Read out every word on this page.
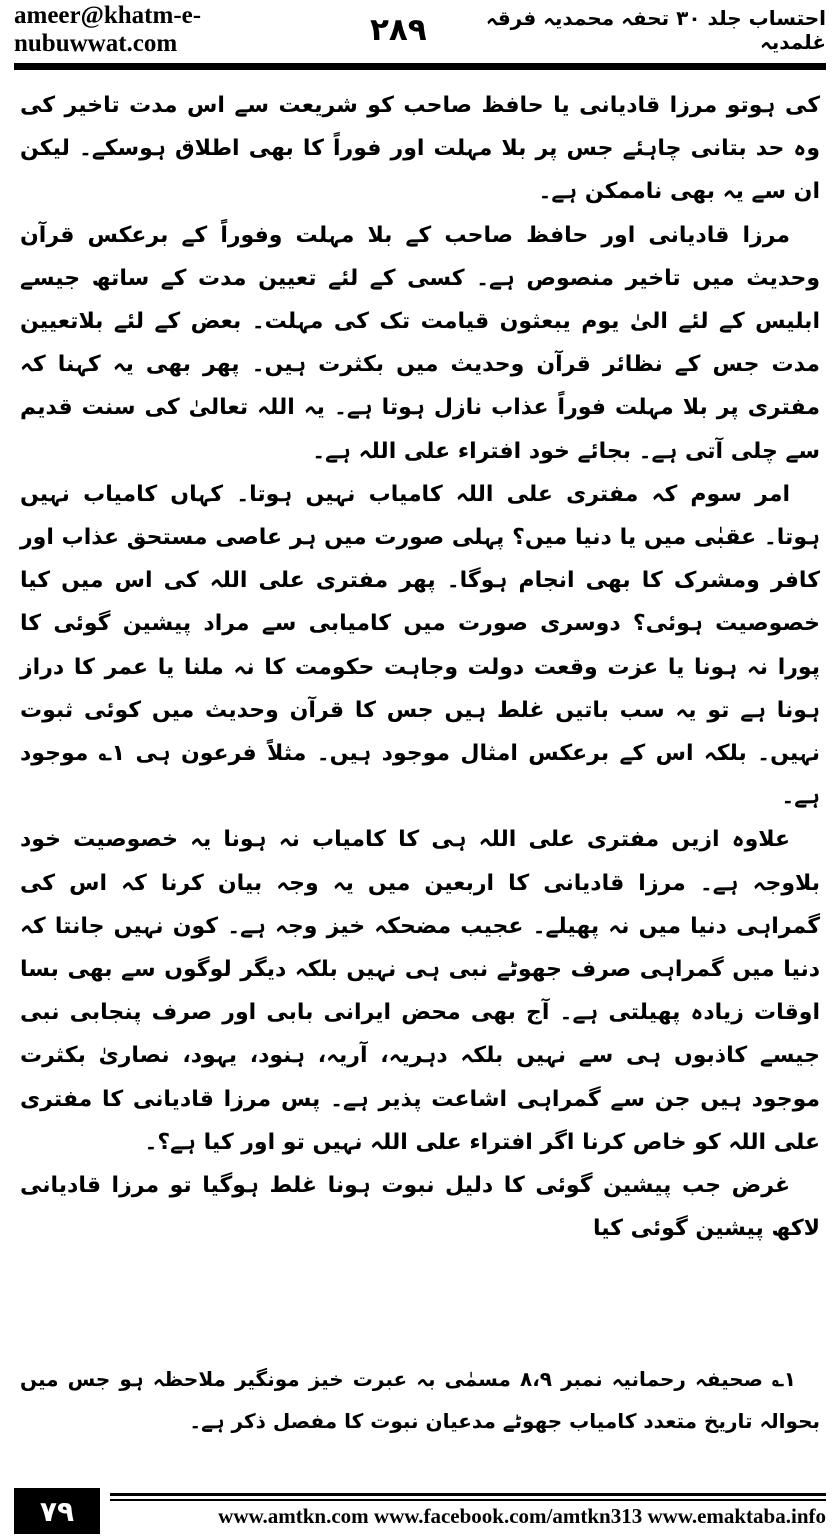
ameer@khatm-e-nubuwwat.com	۲۸۹	احتساب جلد ۳۰ تحفہ محمدیہ فرقہ غلمدیہ

کی ہوتو مرزا قادیانی یا حافظ صاحب کو شریعت سے اس مدت تاخیر کی وہ حد بتانی چاہئے جس پر بلا مہلت اور فوراً کا بھی اطلاق ہوسکے۔ لیکن ان سے یہ بھی ناممکن ہے۔

مرزا قادیانی اور حافظ صاحب کے بلا مہلت وفوراً کے برعکس قرآن وحدیث میں تاخیر منصوص ہے۔ کسی کے لئے تعیین مدت کے ساتھ جیسے ابلیس کے لئے الیٰ یوم یبعثون قیامت تک کی مہلت۔ بعض کے لئے بلاتعیین مدت جس کے نظائر قرآن وحدیث میں بکثرت ہیں۔ پھر بھی یہ کہنا کہ مفتری پر بلا مہلت فوراً عذاب نازل ہوتا ہے۔ یہ اللہ تعالیٰ کی سنت قدیم سے چلی آتی ہے۔ بجائے خود افتراء علی اللہ ہے۔

امر سوم کہ مفتری علی اللہ کامیاب نہیں ہوتا۔ کہاں کامیاب نہیں ہوتا۔ عقبٰی میں یا دنیا میں؟ پہلی صورت میں ہر عاصی مستحق عذاب اور کافر ومشرک کا بھی انجام ہوگا۔ پھر مفتری علی اللہ کی اس میں کیا خصوصیت ہوئی؟ دوسری صورت میں کامیابی سے مراد پیشین گوئی کا پورا نہ ہونا یا عزت وقعت دولت وجاہت حکومت کا نہ ملنا یا عمر کا دراز ہونا ہے تو یہ سب باتیں غلط ہیں جس کا قرآن وحدیث میں کوئی ثبوت نہیں۔ بلکہ اس کے برعکس امثال موجود ہیں۔ مثلاً فرعون ہی ۱؎ موجود ہے۔

علاوہ ازیں مفتری علی اللہ ہی کا کامیاب نہ ہونا یہ خصوصیت خود بلاوجہ ہے۔ مرزا قادیانی کا اربعین میں یہ وجہ بیان کرنا کہ اس کی گمراہی دنیا میں نہ پھیلے۔ عجیب مضحکہ خیز وجہ ہے۔ کون نہیں جانتا کہ دنیا میں گمراہی صرف جھوٹے نبی ہی نہیں بلکہ دیگر لوگوں سے بھی بسا اوقات زیادہ پھیلتی ہے۔ آج بھی محض ایرانی بابی اور صرف پنجابی نبی جیسے کاذبوں ہی سے نہیں بلکہ دہریہ، آریہ، ہنود، یہود، نصاریٰ بکثرت موجود ہیں جن سے گمراہی اشاعت پذیر ہے۔ پس مرزا قادیانی کا مفتری علی اللہ کو خاص کرنا اگر افتراء علی اللہ نہیں تو اور کیا ہے؟۔

غرض جب پیشین گوئی کا دلیل نبوت ہونا غلط ہوگیا تو مرزا قادیانی لاکھ پیشین گوئی کیا

۱؎ صحیفہ رحمانیہ نمبر ۸،۹ مسمٰی بہ عبرت خیز مونگیر ملاحظہ ہو جس میں بحوالہ تاریخ متعدد کامیاب جھوٹے مدعیان نبوت کا مفصل ذکر ہے۔

۷۹	www.amtkn.com www.facebook.com/amtkn313 www.emaktaba.info
